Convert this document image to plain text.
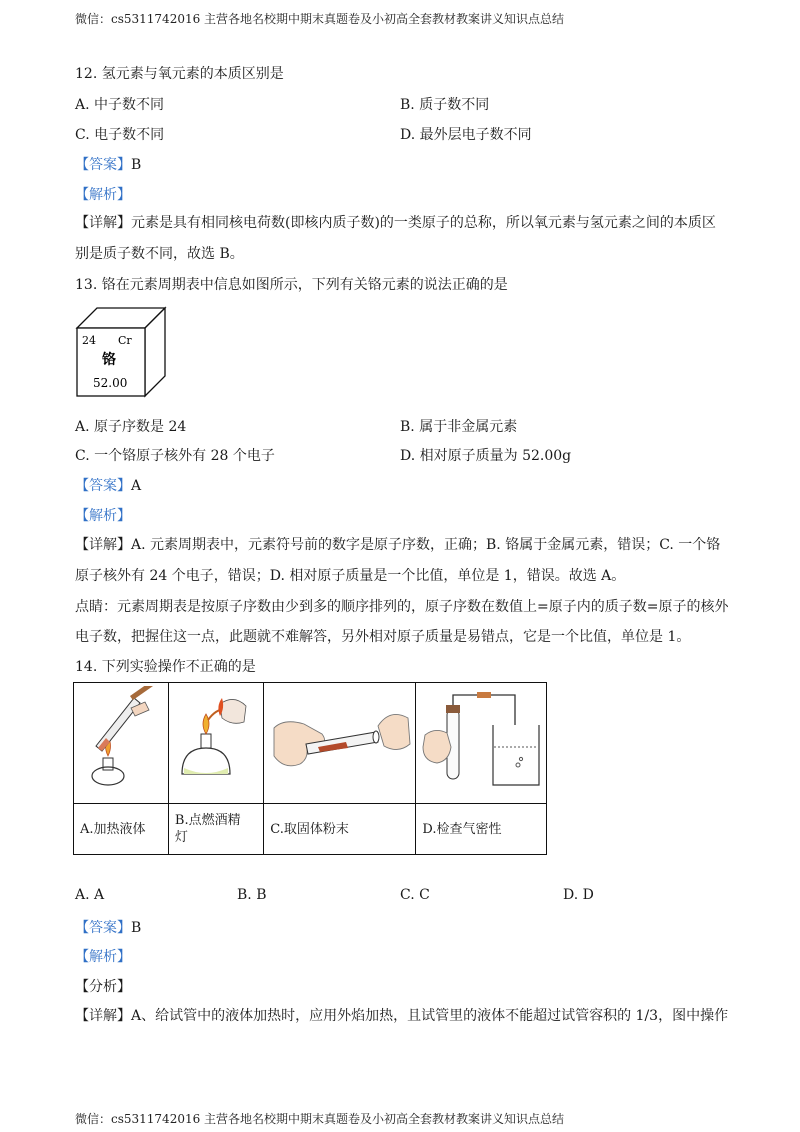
微信：cs5311742016 主营各地名校期中期末真题卷及小初高全套教材教案讲义知识点总结
12. 氢元素与氧元素的本质区别是
A. 中子数不同	B. 质子数不同
C. 电子数不同	D. 最外层电子数不同
【答案】B
【解析】
【详解】元素是具有相同核电荷数(即核内质子数)的一类原子的总称，所以氧元素与氢元素之间的本质区
别是质子数不同，故选 B。
13. 铬在元素周期表中信息如图所示，下列有关铬元素的说法正确的是
24 Cr
铬
52.00
A. 原子序数是 24	B. 属于非金属元素
C. 一个铬原子核外有 28 个电子	D. 相对原子质量为 52.00g
【答案】A
【解析】
【详解】A. 元素周期表中，元素符号前的数字是原子序数，正确；B. 铬属于金属元素，错误；C. 一个铬
原子核外有 24 个电子，错误；D. 相对原子质量是一个比值，单位是 1，错误。故选 A。
点睛：元素周期表是按原子序数由少到多的顺序排列的，原子序数在数值上=原子内的质子数=原子的核外
电子数，把握住这一点，此题就不难解答，另外相对原子质量是易错点，它是一个比值，单位是 1。
14. 下列实验操作不正确的是

A.加热液体	B.点燃酒精灯	C.取固体粉末	D.检查气密性
A. A	B. B	C. C	D. D
【答案】B
【解析】
【分析】
【详解】A、给试管中的液体加热时，应用外焰加热，且试管里的液体不能超过试管容积的 1/3，图中操作
微信：cs5311742016 主营各地名校期中期末真题卷及小初高全套教材教案讲义知识点总结
